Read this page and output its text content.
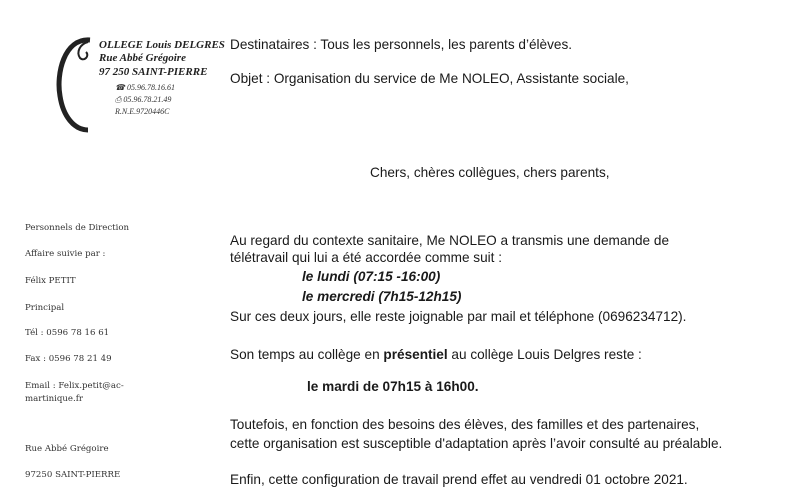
OLLEGE Louis DELGRES
Rue Abbé Grégoire
97 250 SAINT-PIERRE
☎ 05.96.78.16.61
⎙ 05.96.78.21.49
R.N.E.9720446C
Personnels de Direction
Affaire suivie par :
Félix PETIT
Principal
Tél : 0596 78 16 61
Fax : 0596 78 21 49
Email : Felix.petit@ac-
martinique.fr
Rue Abbé Grégoire
97250 SAINT-PIERRE
Destinataires : Tous les personnels, les parents d’élèves.
Objet : Organisation du service de Me NOLEO, Assistante sociale,
Chers, chères collègues, chers parents,
Au regard du contexte sanitaire, Me NOLEO a transmis une demande de
télétravail qui lui a été accordée comme suit :
le lundi (07:15 -16:00)
le mercredi (7h15-12h15)
Sur ces deux jours, elle reste joignable par mail et téléphone (0696234712).
Son temps au collège en présentiel au collège Louis Delgres reste :
le mardi de 07h15 à 16h00.
Toutefois, en fonction des besoins des élèves, des familles et des partenaires,
cette organisation est susceptible d'adaptation après l’avoir consulté au préalable.
Enfin, cette configuration de travail prend effet au vendredi 01 octobre 2021.
